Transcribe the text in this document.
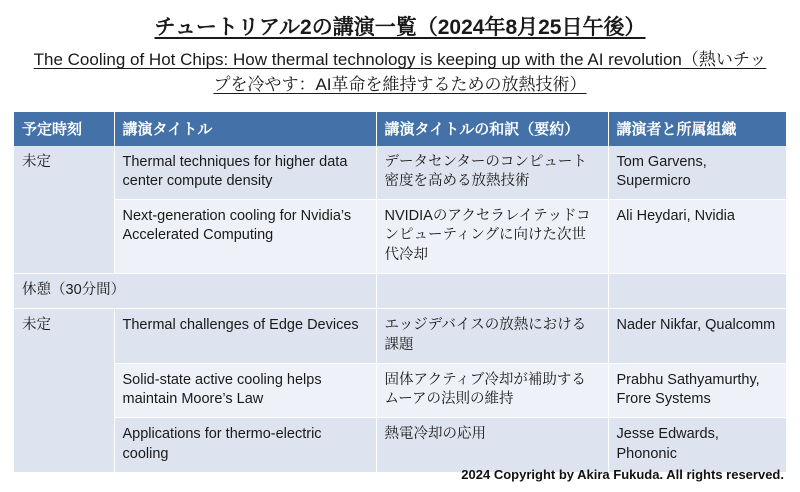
チュートリアル2の講演一覧（2024年8月25日午後）
The Cooling of Hot Chips: How thermal technology is keeping up with the AI revolution（熱いチップを冷やす：AI革命を維持するための放熱技術）
予定時刻	講演タイトル	講演タイトルの和訳（要約）	講演者と所属組織
未定	Thermal techniques for higher data center compute density	データセンターのコンピュート密度を高める放熱技術	Tom Garvens, Supermicro
	Next-generation cooling for Nvidia’s Accelerated Computing	NVIDIAのアクセラレイテッドコンピューティングに向けた次世代冷却	Ali Heydari, Nvidia
休憩（30分間）			
未定	Thermal challenges of Edge Devices	エッジデバイスの放熱における課題	Nader Nikfar, Qualcomm
	Solid-state active cooling helps maintain Moore’s Law	固体アクティブ冷却が補助するムーアの法則の維持	Prabhu Sathyamurthy, Frore Systems
	Applications for thermo-electric cooling	熱電冷却の応用	Jesse Edwards, Phononic
2024 Copyright by Akira Fukuda. All rights reserved.
